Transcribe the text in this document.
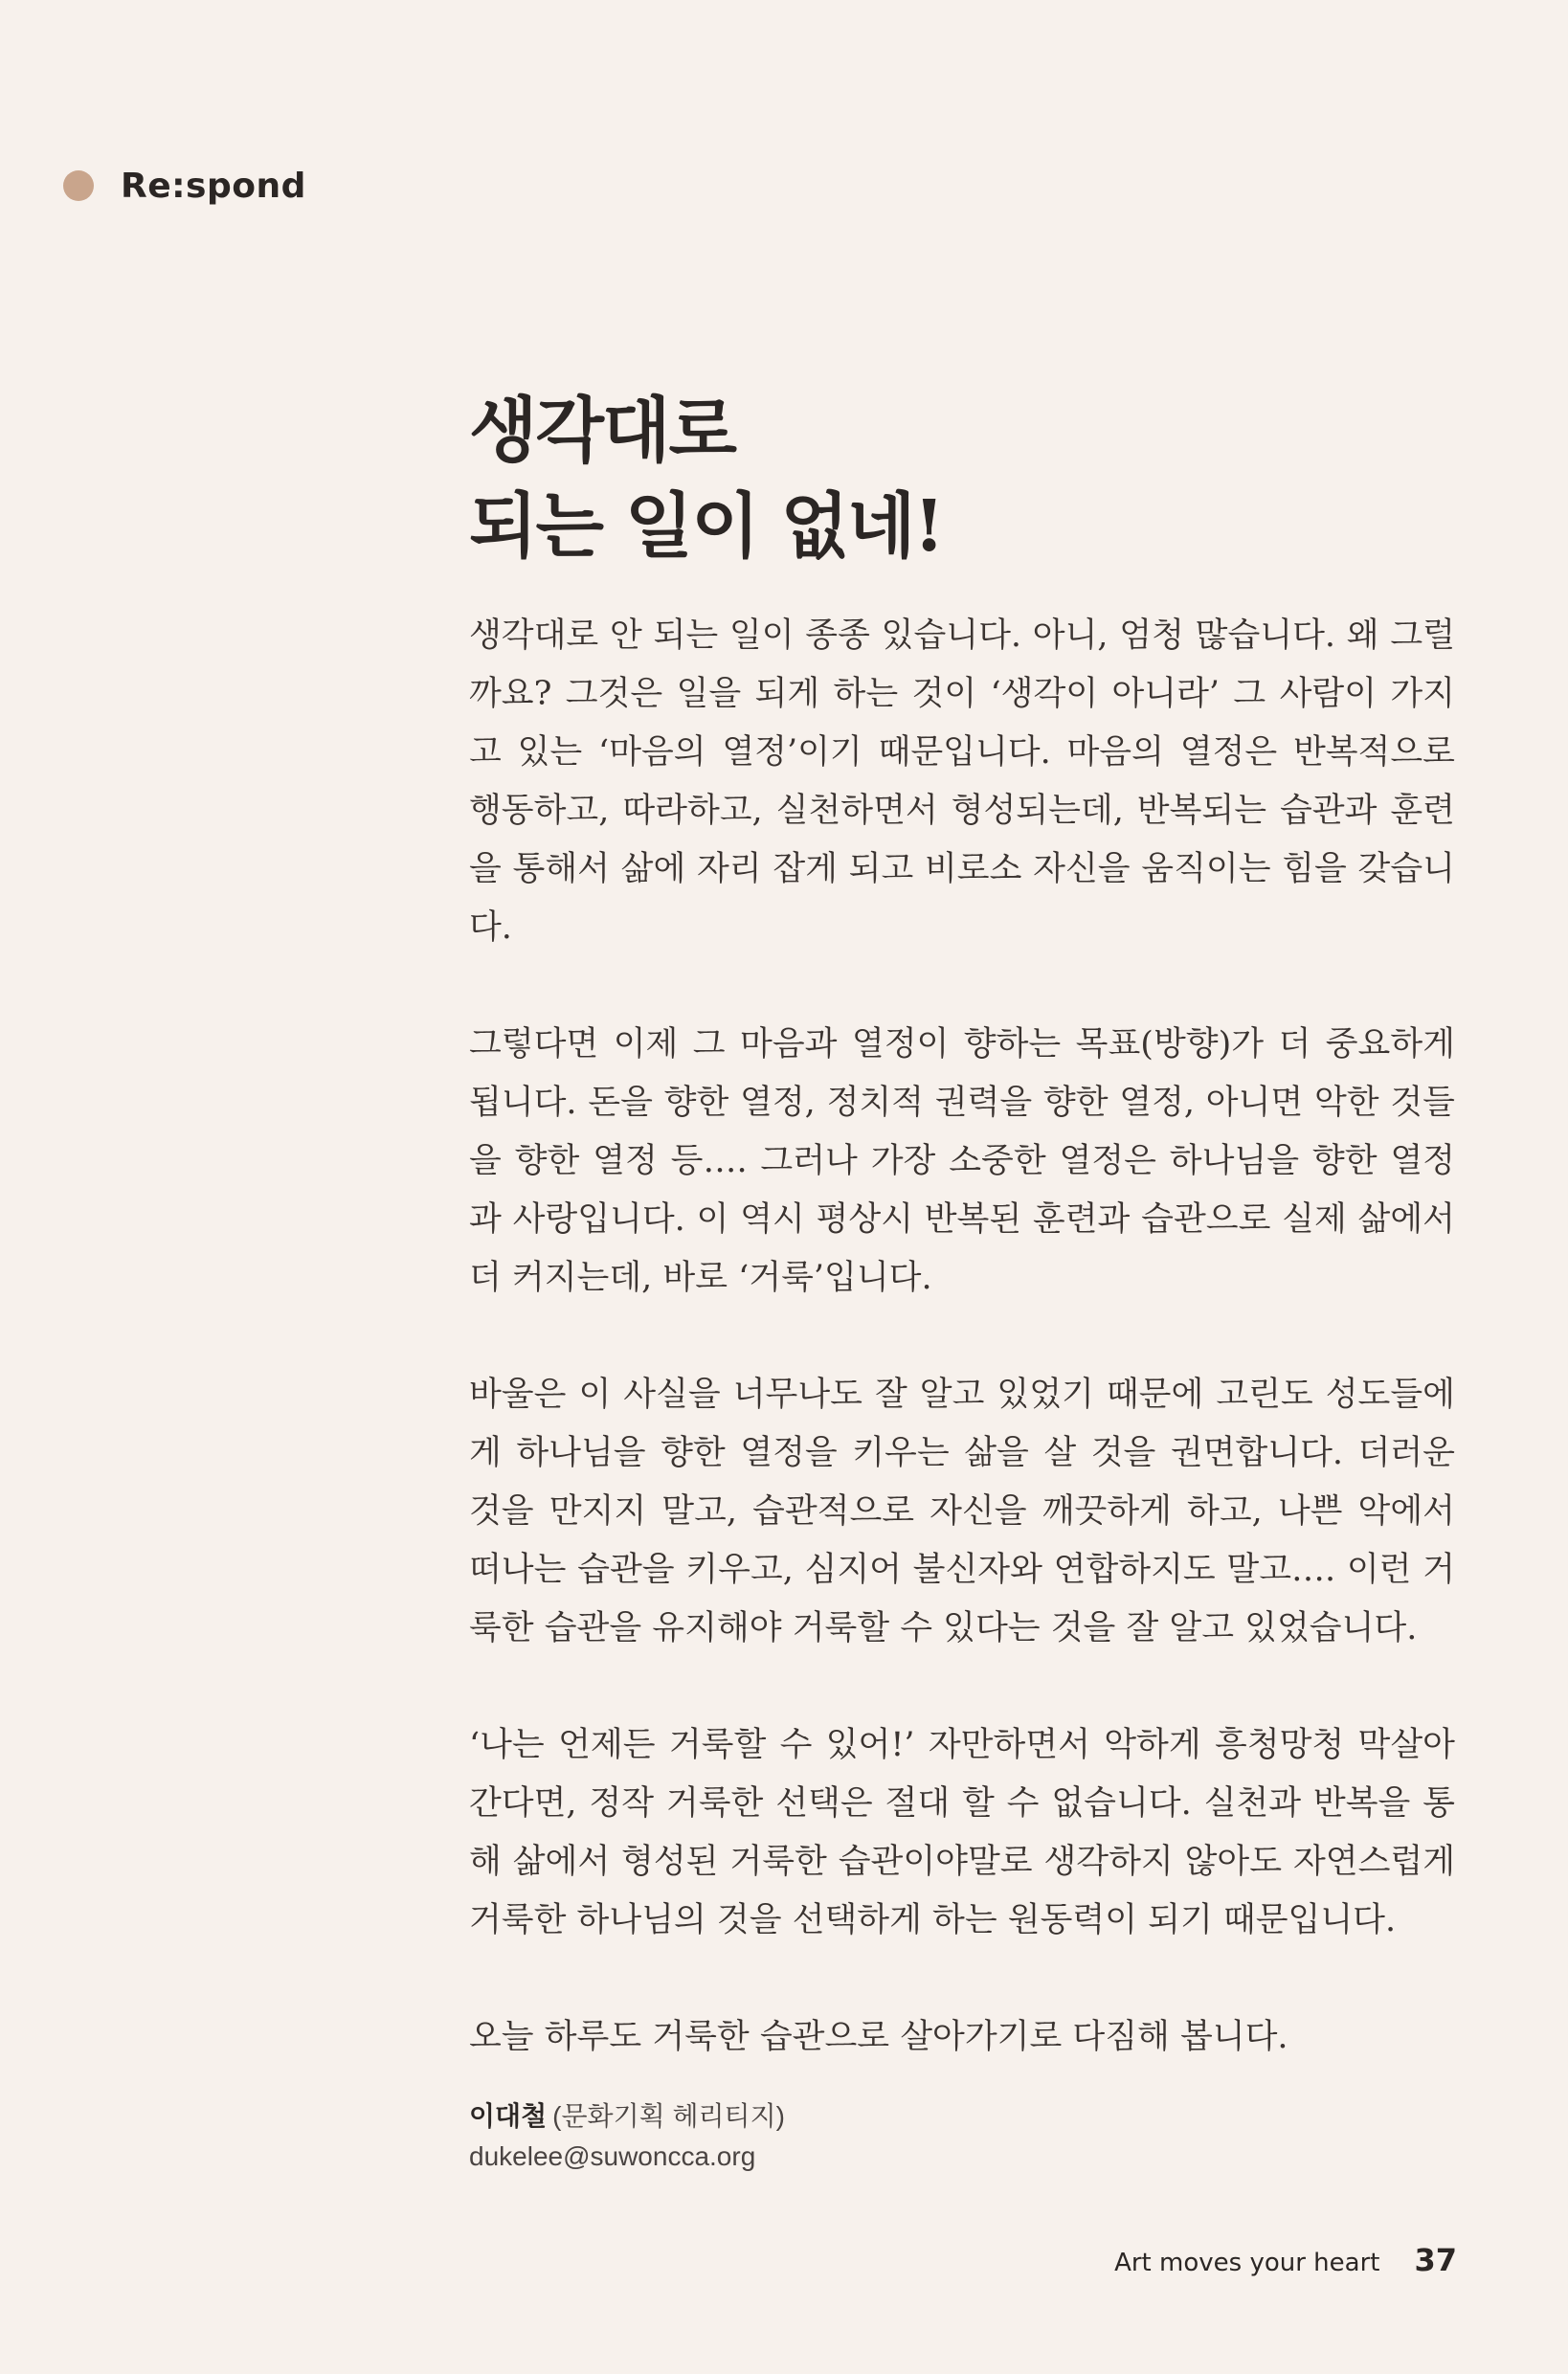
Re:spond
생각대로
되는 일이 없네!

생각대로 안 되는 일이 종종 있습니다. 아니, 엄청 많습니다. 왜 그럴까요? 그것은 일을 되게 하는 것이 ‘생각이 아니라’ 그 사람이 가지고 있는 ‘마음의 열정’이기 때문입니다. 마음의 열정은 반복적으로 행동하고, 따라하고, 실천하면서 형성되는데, 반복되는 습관과 훈련을 통해서 삶에 자리 잡게 되고 비로소 자신을 움직이는 힘을 갖습니다.

그렇다면 이제 그 마음과 열정이 향하는 목표(방향)가 더 중요하게 됩니다. 돈을 향한 열정, 정치적 권력을 향한 열정, 아니면 악한 것들을 향한 열정 등…. 그러나 가장 소중한 열정은 하나님을 향한 열정과 사랑입니다. 이 역시 평상시 반복된 훈련과 습관으로 실제 삶에서 더 커지는데, 바로 ‘거룩’입니다.

바울은 이 사실을 너무나도 잘 알고 있었기 때문에 고린도 성도들에게 하나님을 향한 열정을 키우는 삶을 살 것을 권면합니다. 더러운 것을 만지지 말고, 습관적으로 자신을 깨끗하게 하고, 나쁜 악에서 떠나는 습관을 키우고, 심지어 불신자와 연합하지도 말고…. 이런 거룩한 습관을 유지해야 거룩할 수 있다는 것을 잘 알고 있었습니다.

‘나는 언제든 거룩할 수 있어!’ 자만하면서 악하게 흥청망청 막살아간다면, 정작 거룩한 선택은 절대 할 수 없습니다. 실천과 반복을 통해 삶에서 형성된 거룩한 습관이야말로 생각하지 않아도 자연스럽게 거룩한 하나님의 것을 선택하게 하는 원동력이 되기 때문입니다.

오늘 하루도 거룩한 습관으로 살아가기로 다짐해 봅니다.

이대철 (문화기획 헤리티지)
dukelee@suwoncca.org
Art moves your heart 37
